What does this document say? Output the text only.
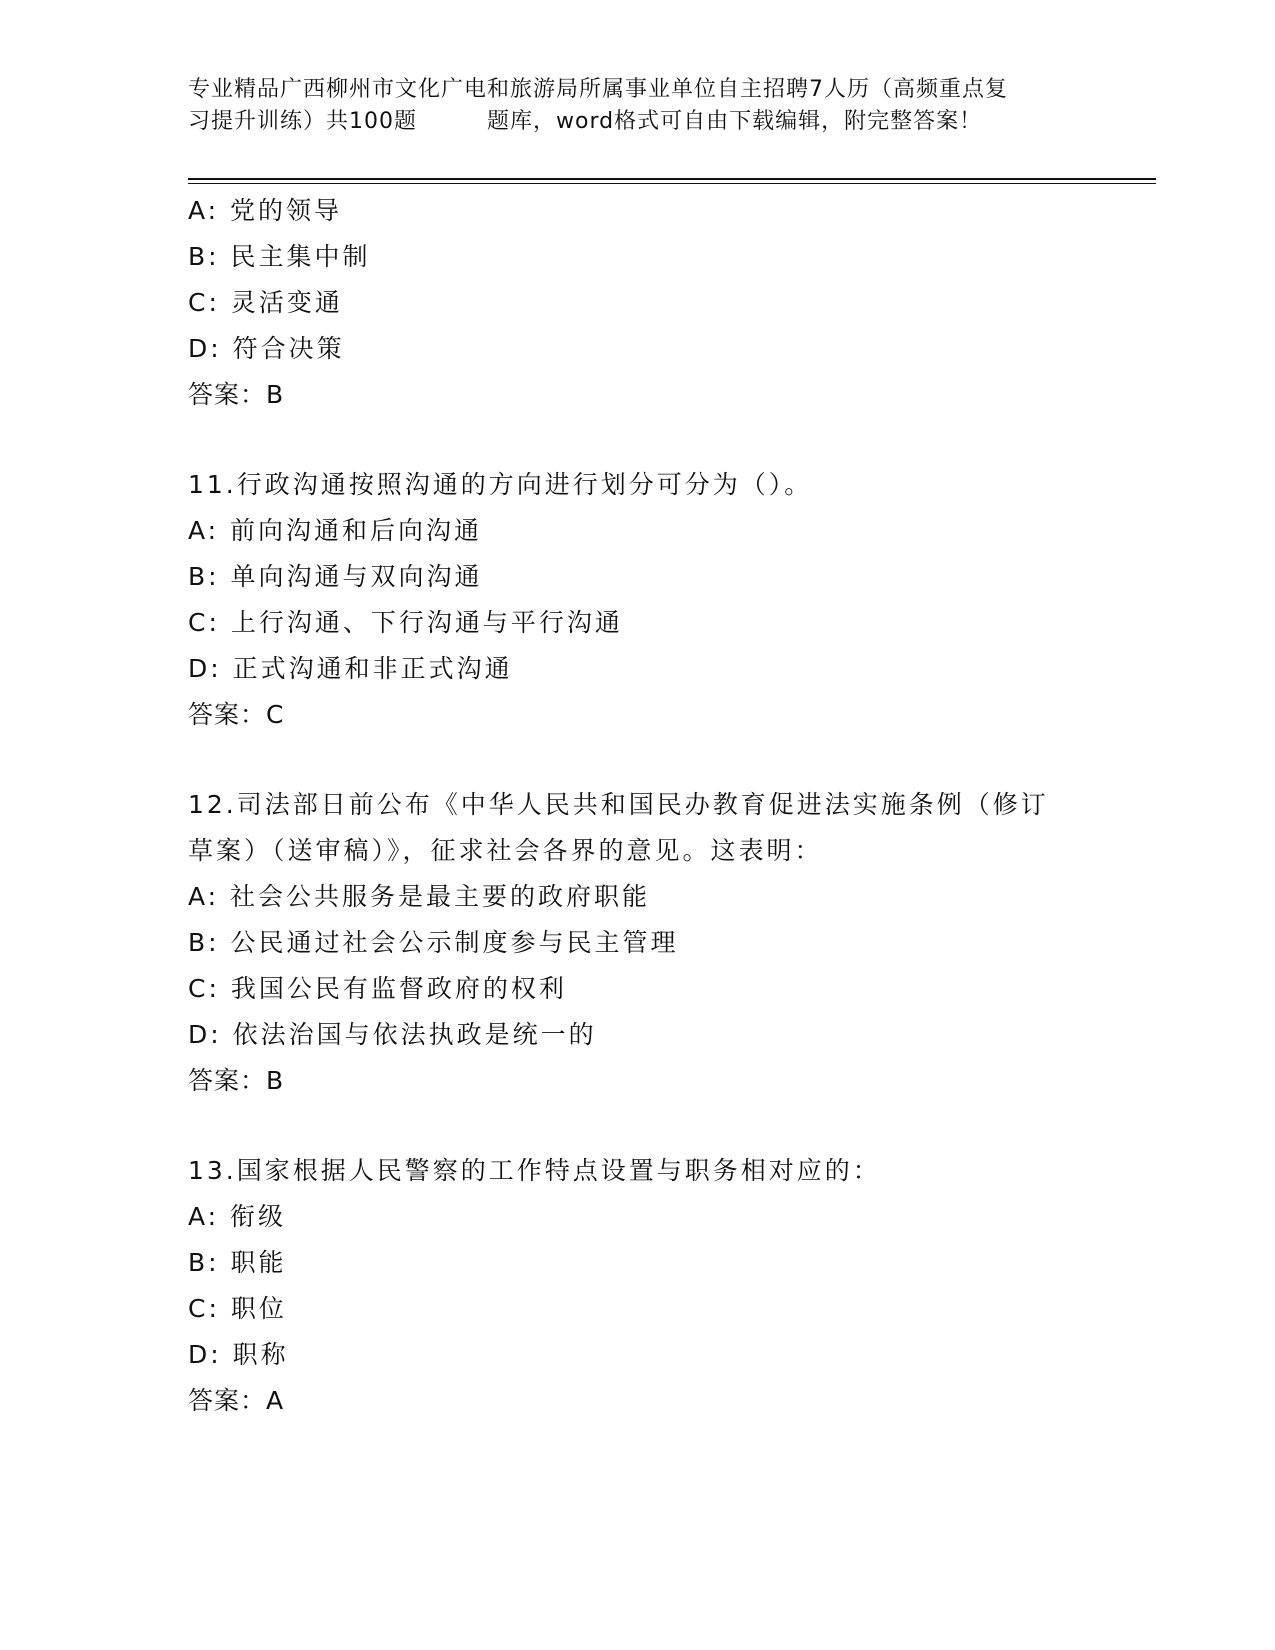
专业精品广西柳州市文化广电和旅游局所属事业单位自主招聘7人历（高频重点复
习提升训练）共100题	题库，word格式可自由下载编辑，附完整答案！
A: 党的领导
B: 民主集中制
C: 灵活变通
D: 符合决策
答案：B
11.行政沟通按照沟通的方向进行划分可分为（）。
A: 前向沟通和后向沟通
B: 单向沟通与双向沟通
C: 上行沟通、下行沟通与平行沟通
D: 正式沟通和非正式沟通
答案：C
12.司法部日前公布《中华人民共和国民办教育促进法实施条例（修订
草案）（送审稿）》，征求社会各界的意见。这表明：
A: 社会公共服务是最主要的政府职能
B: 公民通过社会公示制度参与民主管理
C: 我国公民有监督政府的权利
D: 依法治国与依法执政是统一的
答案：B
13.国家根据人民警察的工作特点设置与职务相对应的：
A: 衔级
B: 职能
C: 职位
D: 职称
答案：A
